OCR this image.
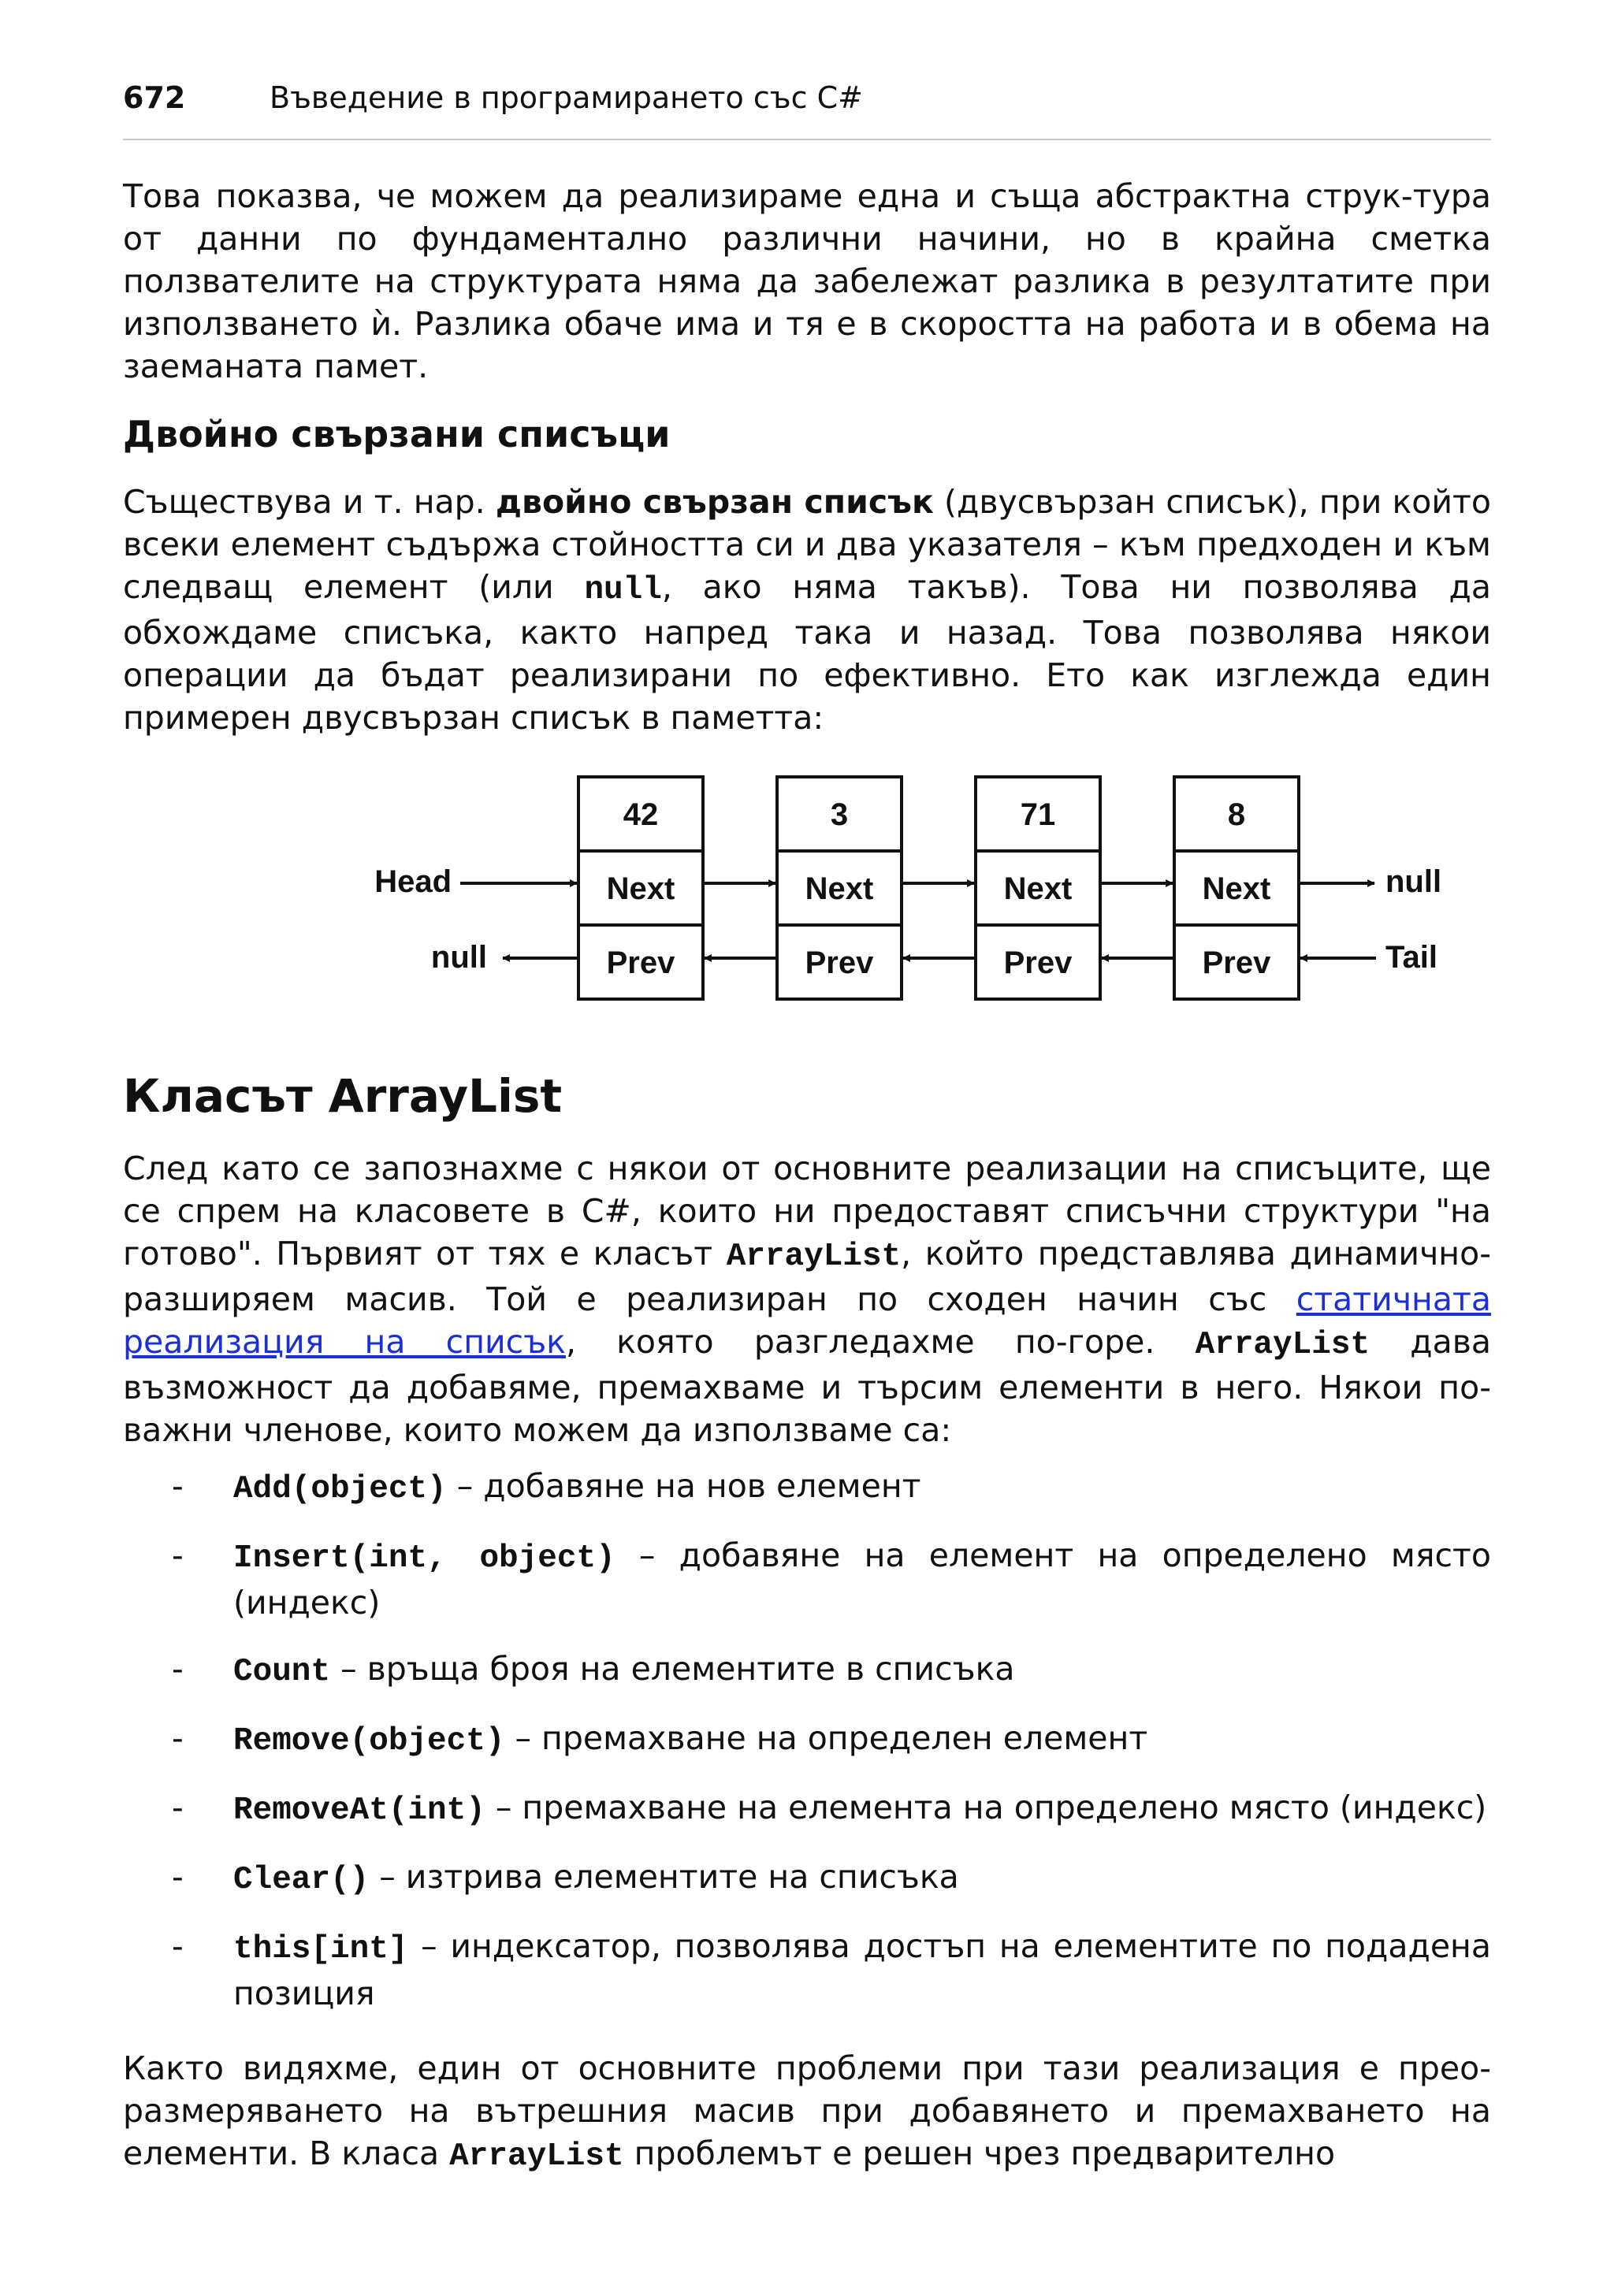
672	Въведение в програмирането със C#

Това показва, че можем да реализираме една и съща абстрактна струк-тура от данни по фундаментално различни начини, но в крайна сметка ползвателите на структурата няма да забележат разлика в резултатите при използването ѝ. Разлика обаче има и тя е в скоростта на работа и в обема на заеманата памет.

Двойно свързани списъци

Съществува и т. нар. двойно свързан списък (двусвързан списък), при който всеки елемент съдържа стойността си и два указателя – към предходен и към следващ елемент (или null, ако няма такъв). Това ни позволява да обхождаме списъка, както напред така и назад. Това позволява някои операции да бъдат реализирани по ефективно. Ето как изглежда един примерен двусвързан списък в паметта:

42
Next
Prev
3
Next
Prev
71
Next
Prev
8
Next
Prev
Head	null
null	Tail
Класът ArrayList

След като се запознахме с някои от основните реализации на списъците, ще се спрем на класовете в C#, които ни предоставят списъчни структури "на готово". Първият от тях е класът ArrayList, който представлява динамично-разширяем масив. Той е реализиран по сходен начин със статичната реализация на списък, която разгледахме по-горе. ArrayList дава възможност да добавяме, премахваме и търсим елементи в него. Някои по-важни членове, които можем да използваме са:

- Add(object) – добавяне на нов елемент
- Insert(int, object) – добавяне на елемент на определено място (индекс)
- Count – връща броя на елементите в списъка
- Remove(object) – премахване на определен елемент
- RemoveAt(int) – премахване на елемента на определено място (индекс)
- Clear() – изтрива елементите на списъка
- this[int] – индексатор, позволява достъп на елементите по подадена позиция

Както видяхме, един от основните проблеми при тази реализация е прео-размеряването на вътрешния масив при добавянето и премахването на елементи. В класа ArrayList проблемът е решен чрез предварително
